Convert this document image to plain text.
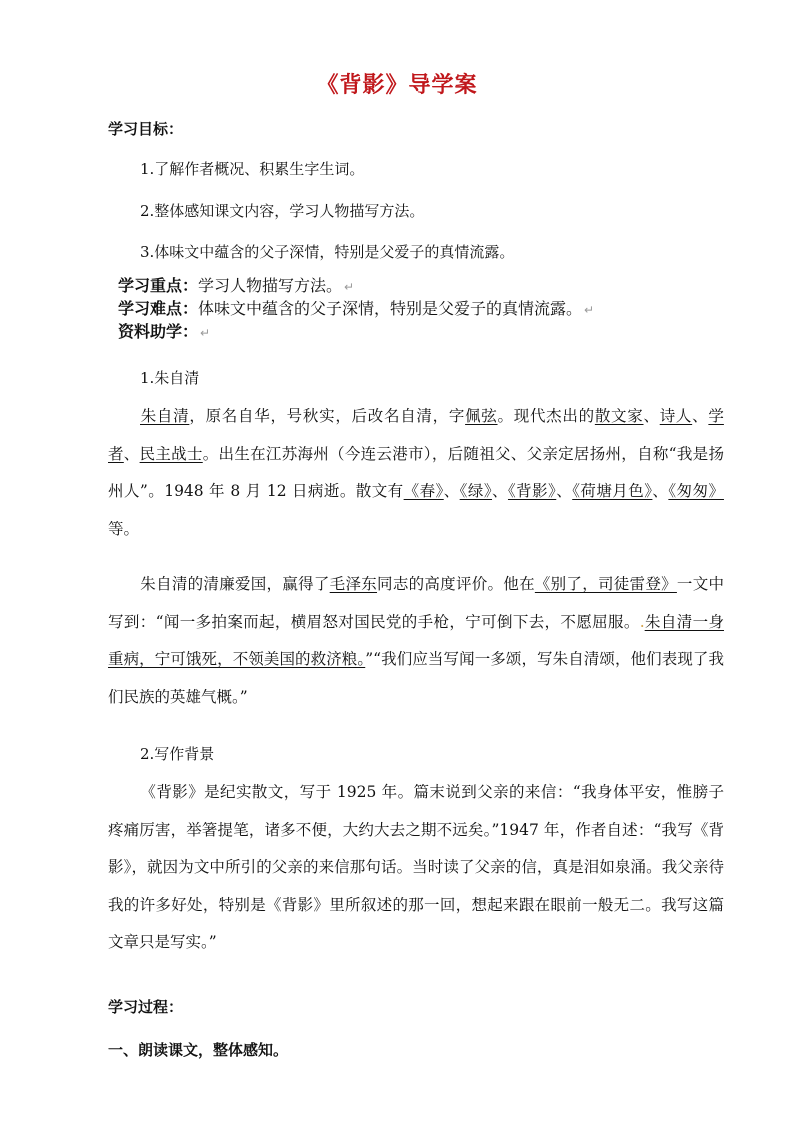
《背影》导学案
学习目标：
1.了解作者概况、积累生字生词。
2.整体感知课文内容，学习人物描写方法。
3.体味文中蕴含的父子深情，特别是父爱子的真情流露。
学习重点：学习人物描写方法。 ↵
学习难点：体味文中蕴含的父子深情，特别是父爱子的真情流露。 ↵
资料助学： ↵
1.朱自清
朱自清，原名自华，号秋实，后改名自清，字佩弦。现代杰出的散文家、诗人、学者、民主战士。出生在江苏海州（今连云港市），后随祖父、父亲定居扬州，自称“我是扬州人”。1948 年 8 月 12 日病逝。散文有《春》、《绿》、《背影》、《荷塘月色》、《匆匆》等。
朱自清的清廉爱国，赢得了毛泽东同志的高度评价。他在《别了，司徒雷登》一文中写到：“闻一多拍案而起，横眉怒对国民党的手枪，宁可倒下去，不愿屈服。.朱自清一身重病，宁可饿死，不领美国的救济粮。”“我们应当写闻一多颂，写朱自清颂，他们表现了我们民族的英雄气概。”
2.写作背景
《背影》是纪实散文，写于 1925 年。篇末说到父亲的来信：“我身体平安，惟膀子疼痛厉害，举箸提笔，诸多不便，大约大去之期不远矣。”1947 年，作者自述：“我写《背影》，就因为文中所引的父亲的来信那句话。当时读了父亲的信，真是泪如泉涌。我父亲待我的许多好处，特别是《背影》里所叙述的那一回，想起来跟在眼前一般无二。我写这篇文章只是写实。”
学习过程：
一、朗读课文，整体感知。
